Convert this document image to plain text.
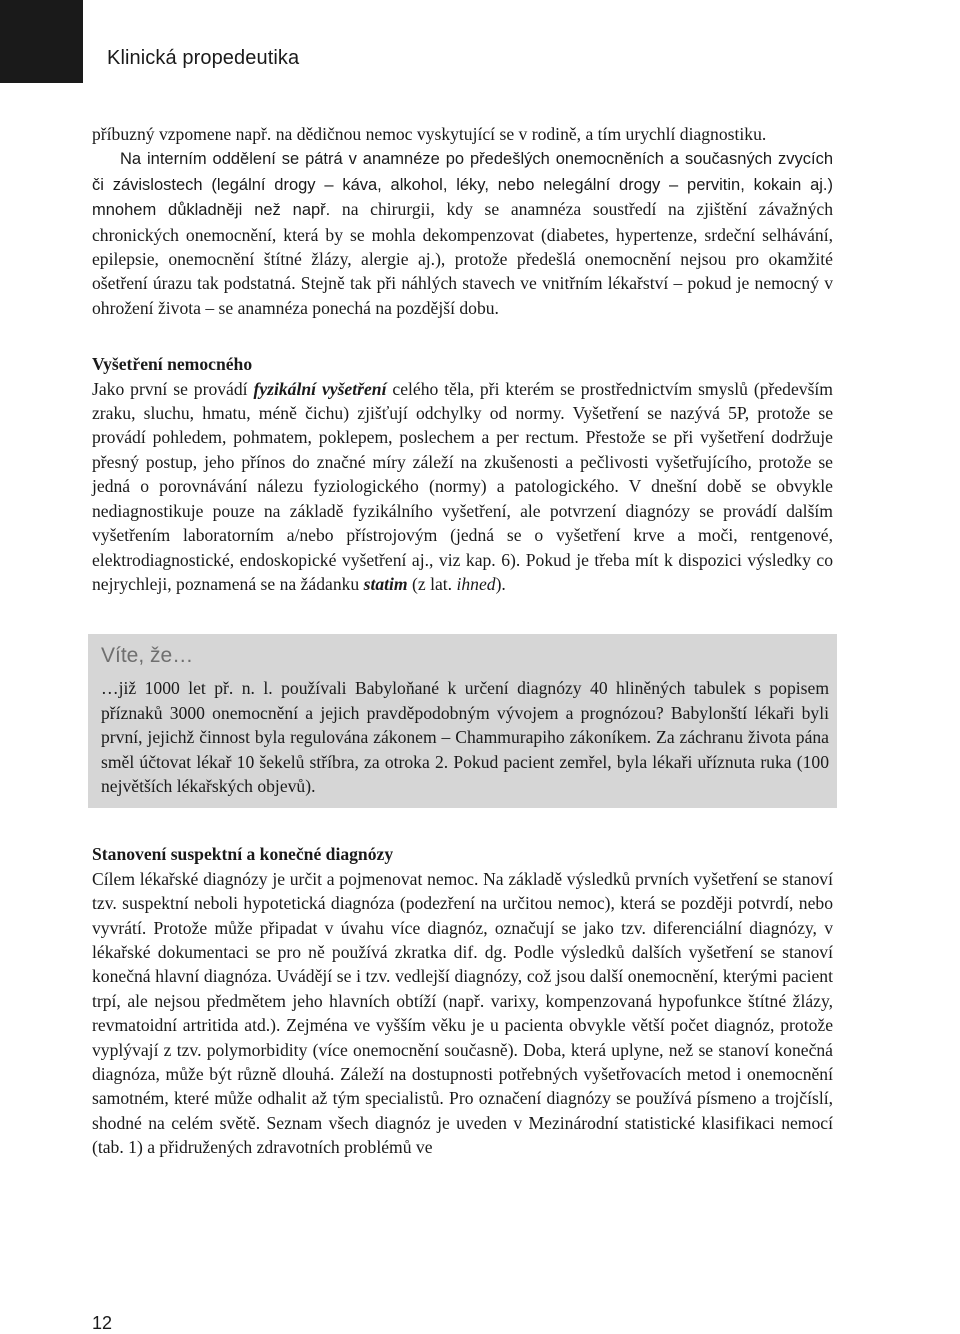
Klinická propedeutika

příbuzný vzpomene např. na dědičnou nemoc vyskytující se v rodině, a tím urychlí diagnostiku.

Na interním oddělení se pátrá v anamnéze po předešlých onemocněních a současných zvycích či závislostech (legální drogy – káva, alkohol, léky, nebo nelegální drogy – pervitin, kokain aj.) mnohem důkladněji než např. na chirurgii, kdy se anamnéza soustředí na zjištění závažných chronických onemocnění, která by se mohla dekompenzovat (diabetes, hypertenze, srdeční selhávání, epilepsie, onemocnění štítné žlázy, alergie aj.), protože předešlá onemocnění nejsou pro okamžité ošetření úrazu tak podstatná. Stejně tak při náhlých stavech ve vnitřním lékařství – pokud je nemocný v ohrožení života – se anamnéza ponechá na pozdější dobu.

Vyšetření nemocného

Jako první se provádí fyzikální vyšetření celého těla, při kterém se prostřednictvím smyslů (především zraku, sluchu, hmatu, méně čichu) zjišťují odchylky od normy. Vyšetření se nazývá 5P, protože se provádí pohledem, pohmatem, poklepem, poslechem a per rectum. Přestože se při vyšetření dodržuje přesný postup, jeho přínos do značné míry záleží na zkušenosti a pečlivosti vyšetřujícího, protože se jedná o porovnávání nálezu fyziologického (normy) a patologického. V dnešní době se obvykle nediagnostikuje pouze na základě fyzikálního vyšetření, ale potvrzení diagnózy se provádí dalším vyšetřením laboratorním a/nebo přístrojovým (jedná se o vyšetření krve a moči, rentgenové, elektrodiagnostické, endoskopické vyšetření aj., viz kap. 6). Pokud je třeba mít k dispozici výsledky co nejrychleji, poznamená se na žádanku statim (z lat. ihned).

Víte, že…

…již 1000 let př. n. l. používali Babyloňané k určení diagnózy 40 hliněných tabulek s popisem příznaků 3000 onemocnění a jejich pravděpodobným vývojem a prognózou? Babylonští lékaři byli první, jejichž činnost byla regulována zákonem – Chammurapiho zákoníkem. Za záchranu života pána směl účtovat lékař 10 šekelů stříbra, za otroka 2. Pokud pacient zemřel, byla lékaři uříznuta ruka (100 největších lékařských objevů).

Stanovení suspektní a konečné diagnózy

Cílem lékařské diagnózy je určit a pojmenovat nemoc. Na základě výsledků prvních vyšetření se stanoví tzv. suspektní neboli hypotetická diagnóza (podezření na určitou nemoc), která se později potvrdí, nebo vyvrátí. Protože může připadat v úvahu více diagnóz, označují se jako tzv. diferenciální diagnózy, v lékařské dokumentaci se pro ně používá zkratka dif. dg. Podle výsledků dalších vyšetření se stanoví konečná hlavní diagnóza. Uvádějí se i tzv. vedlejší diagnózy, což jsou další onemocnění, kterými pacient trpí, ale nejsou předmětem jeho hlavních obtíží (např. varixy, kompenzovaná hypofunkce štítné žlázy, revmatoidní artritida atd.). Zejména ve vyšším věku je u pacienta obvykle větší počet diagnóz, protože vyplývají z tzv. polymorbidity (více onemocnění současně). Doba, která uplyne, než se stanoví konečná diagnóza, může být různě dlouhá. Záleží na dostupnosti potřebných vyšetřovacích metod i onemocnění samotném, které může odhalit až tým specialistů. Pro označení diagnózy se používá písmeno a trojčíslí, shodné na celém světě. Seznam všech diagnóz je uveden v Mezinárodní statistické klasifikaci nemocí (tab. 1) a přidružených zdravotních problémů ve

12
